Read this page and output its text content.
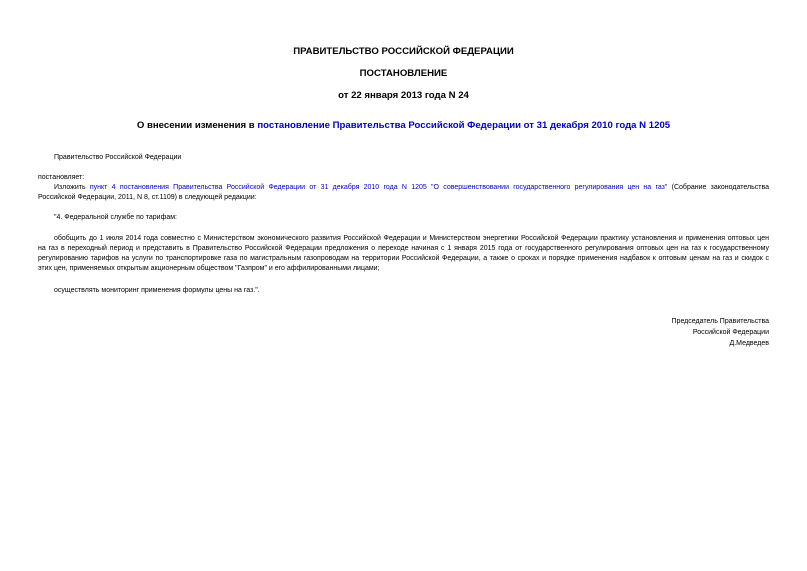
ПРАВИТЕЛЬСТВО РОССИЙСКОЙ ФЕДЕРАЦИИ
ПОСТАНОВЛЕНИЕ
от 22 января 2013 года N 24
О внесении изменения в постановление Правительства Российской Федерации от 31 декабря 2010 года N 1205
Правительство Российской Федерации
постановляет:
Изложить пункт 4 постановления Правительства Российской Федерации от 31 декабря 2010 года N 1205 "О совершенствовании государственного регулирования цен на газ" (Собрание законодательства
Российской Федерации, 2011, N 8, ст.1109) в следующей редакции:
"4. Федеральной службе по тарифам:
обобщить до 1 июля 2014 года совместно с Министерством экономического развития Российской Федерации и Министерством энергетики Российской Федерации практику установления и применения оптовых цен
на газ в переходный период и представить в Правительство Российской Федерации предложения о переходе начиная с 1 января 2015 года от государственного регулирования оптовых цен на газ к государственному
регулированию тарифов на услуги по транспортировке газа по магистральным газопроводам на территории Российской Федерации, а также о сроках и порядке применения надбавок к оптовым ценам на газ и скидок с
этих цен, применяемых открытым акционерным обществом "Газпром" и его аффилированными лицами;
осуществлять мониторинг применения формулы цены на газ.".
Председатель Правительства
Российской Федерации
Д.Медведев
